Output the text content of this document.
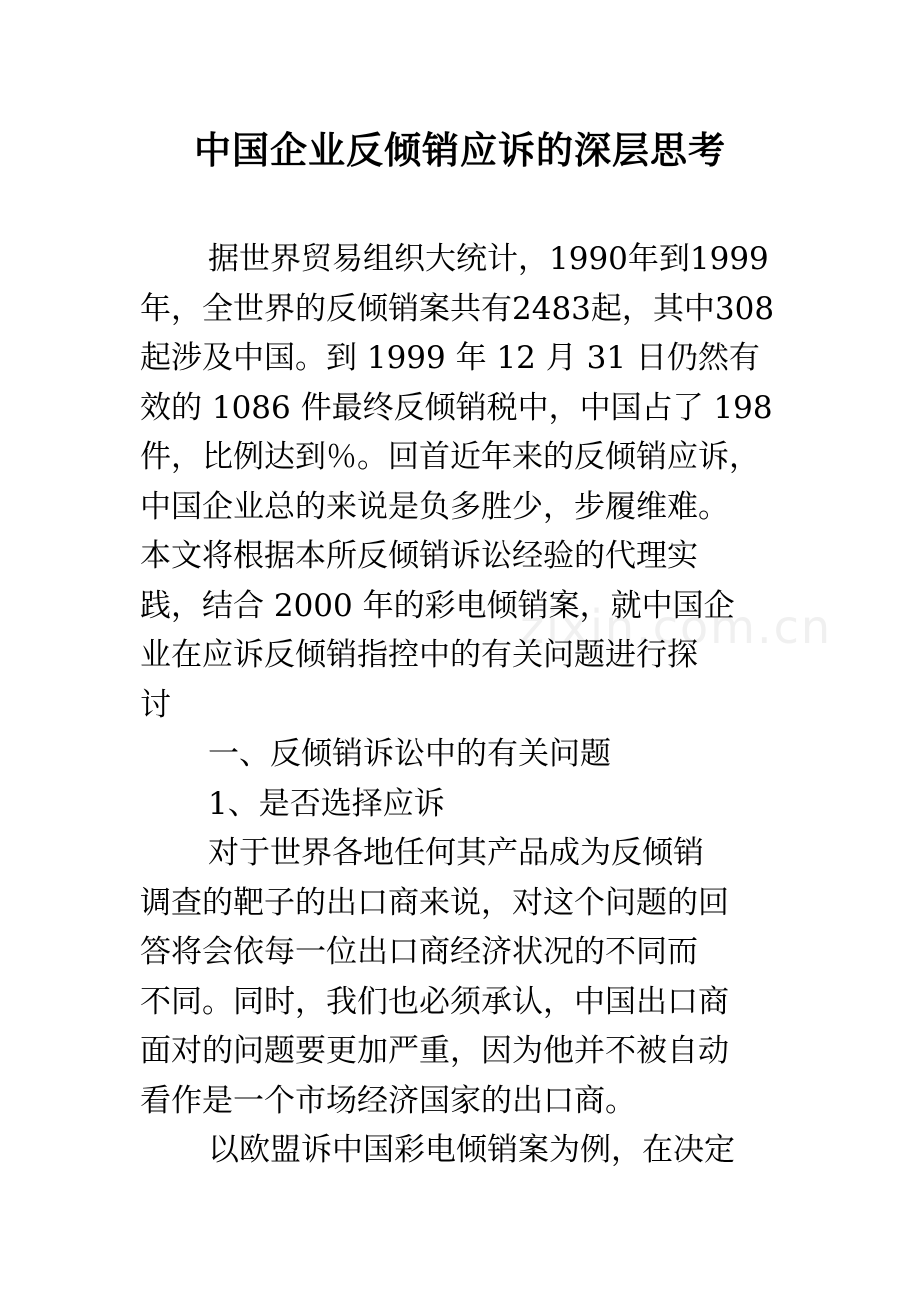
zixin.com.cn
中国企业反倾销应诉的深层思考
据世界贸易组织大统计，1990年到1999
年，全世界的反倾销案共有2483起，其中308
起涉及中国。到 1999 年 12 月 31 日仍然有
效的 1086 件最终反倾销税中，中国占了 198
件，比例达到％。回首近年来的反倾销应诉，
中国企业总的来说是负多胜少，步履维难。
本文将根据本所反倾销诉讼经验的代理实
践，结合 2000 年的彩电倾销案，就中国企
业在应诉反倾销指控中的有关问题进行探
讨
一、反倾销诉讼中的有关问题
1、是否选择应诉
对于世界各地任何其产品成为反倾销
调查的靶子的出口商来说，对这个问题的回
答将会依每一位出口商经济状况的不同而
不同。同时，我们也必须承认，中国出口商
面对的问题要更加严重，因为他并不被自动
看作是一个市场经济国家的出口商。
以欧盟诉中国彩电倾销案为例，在决定
